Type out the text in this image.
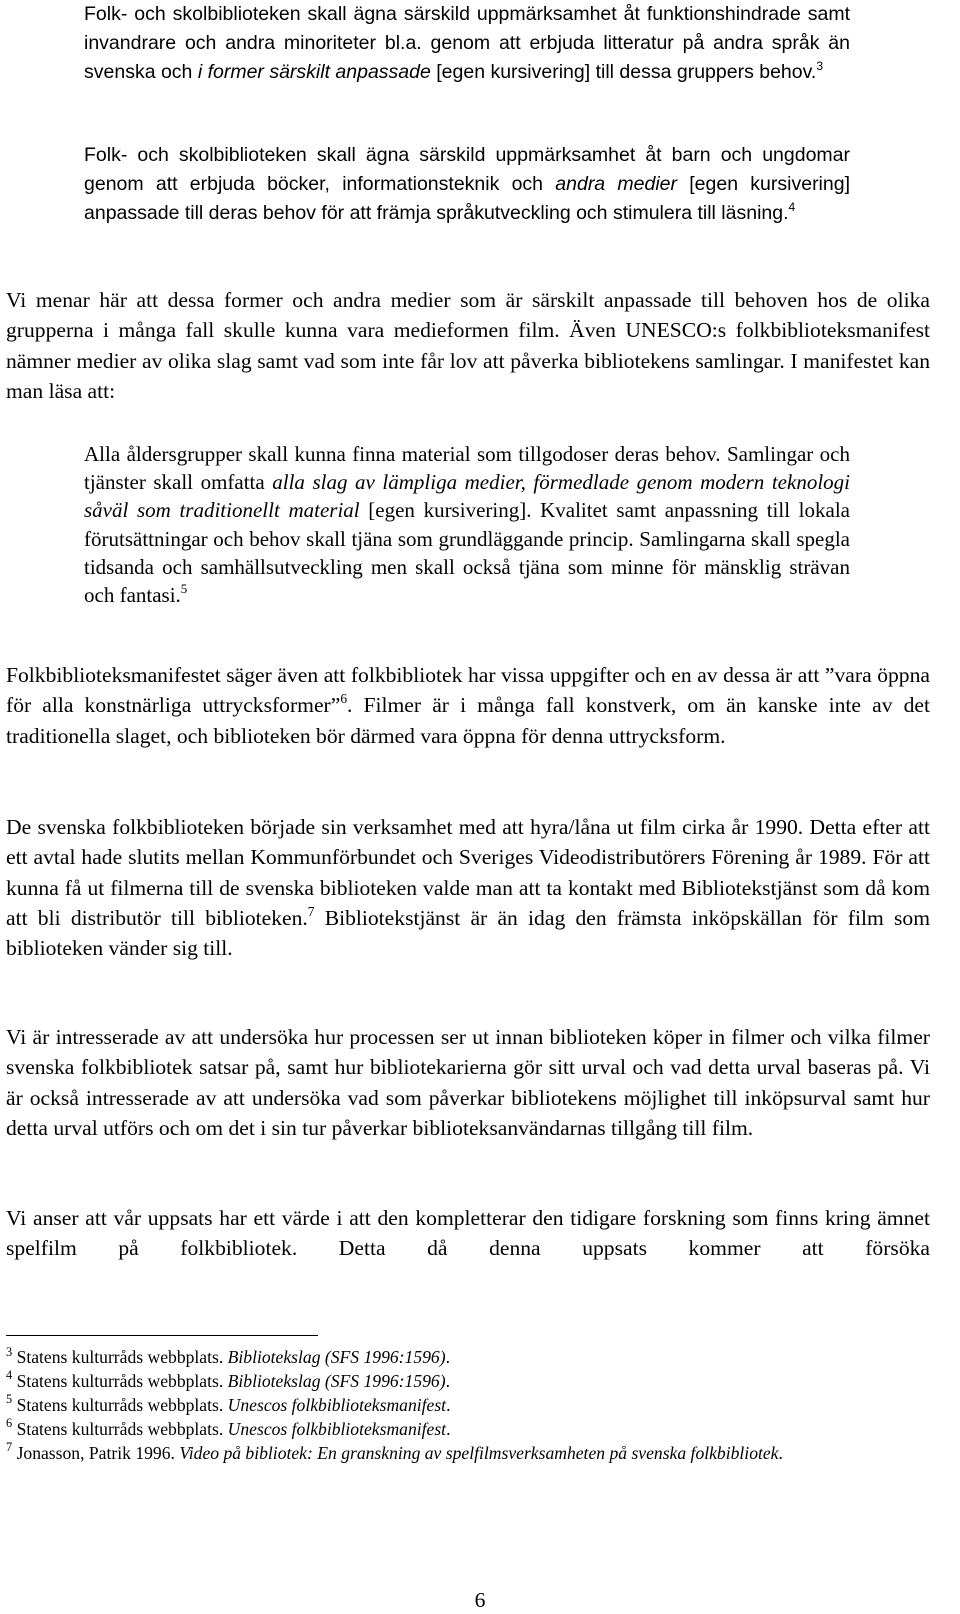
Folk- och skolbiblioteken skall ägna särskild uppmärksamhet åt funktionshindrade samt invandrare och andra minoriteter bl.a. genom att erbjuda litteratur på andra språk än svenska och i former särskilt anpassade [egen kursivering] till dessa gruppers behov.$^3$
Folk- och skolbiblioteken skall ägna särskild uppmärksamhet åt barn och ungdomar genom att erbjuda böcker, informationsteknik och andra medier [egen kursivering] anpassade till deras behov för att främja språkutveckling och stimulera till läsning.$^4$
Vi menar här att dessa former och andra medier som är särskilt anpassade till behoven hos de olika grupperna i många fall skulle kunna vara medieformen film. Även UNESCO:s folkbiblioteksmanifest nämner medier av olika slag samt vad som inte får lov att påverka bibliotekens samlingar. I manifestet kan man läsa att:
Alla åldersgrupper skall kunna finna material som tillgodoser deras behov. Samlingar och tjänster skall omfatta alla slag av lämpliga medier, förmedlade genom modern teknologi såväl som traditionellt material [egen kursivering]. Kvalitet samt anpassning till lokala förutsättningar och behov skall tjäna som grundläggande princip. Samlingarna skall spegla tidsanda och samhällsutveckling men skall också tjäna som minne för mänsklig strävan och fantasi.$^5$
Folkbiblioteksmanifestet säger även att folkbibliotek har vissa uppgifter och en av dessa är att ”vara öppna för alla konstnärliga uttrycksformer”$^6$. Filmer är i många fall konstverk, om än kanske inte av det traditionella slaget, och biblioteken bör därmed vara öppna för denna uttrycksform.
De svenska folkbiblioteken började sin verksamhet med att hyra/låna ut film cirka år 1990. Detta efter att ett avtal hade slutits mellan Kommunförbundet och Sveriges Videodistributörers Förening år 1989. För att kunna få ut filmerna till de svenska biblioteken valde man att ta kontakt med Bibliotekstjänst som då kom att bli distributör till biblioteken.$^7$ Bibliotekstjänst är än idag den främsta inköpskällan för film som biblioteken vänder sig till.
Vi är intresserade av att undersöka hur processen ser ut innan biblioteken köper in filmer och vilka filmer svenska folkbibliotek satsar på, samt hur bibliotekarierna gör sitt urval och vad detta urval baseras på. Vi är också intresserade av att undersöka vad som påverkar bibliotekens möjlighet till inköpsurval samt hur detta urval utförs och om det i sin tur påverkar biblioteksanvändarnas tillgång till film.
Vi anser att vår uppsats har ett värde i att den kompletterar den tidigare forskning som finns kring ämnet spelfilm på folkbibliotek. Detta då denna uppsats kommer att försöka
$^3$ Statens kulturråds webbplats. Bibliotekslag (SFS 1996:1596).
$^4$ Statens kulturråds webbplats. Bibliotekslag (SFS 1996:1596).
$^5$ Statens kulturråds webbplats. Unescos folkbiblioteksmanifest.
$^6$ Statens kulturråds webbplats. Unescos folkbiblioteksmanifest.
$^7$ Jonasson, Patrik 1996. Video på bibliotek: En granskning av spelfilmsverksamheten på svenska folkbibliotek.
6
